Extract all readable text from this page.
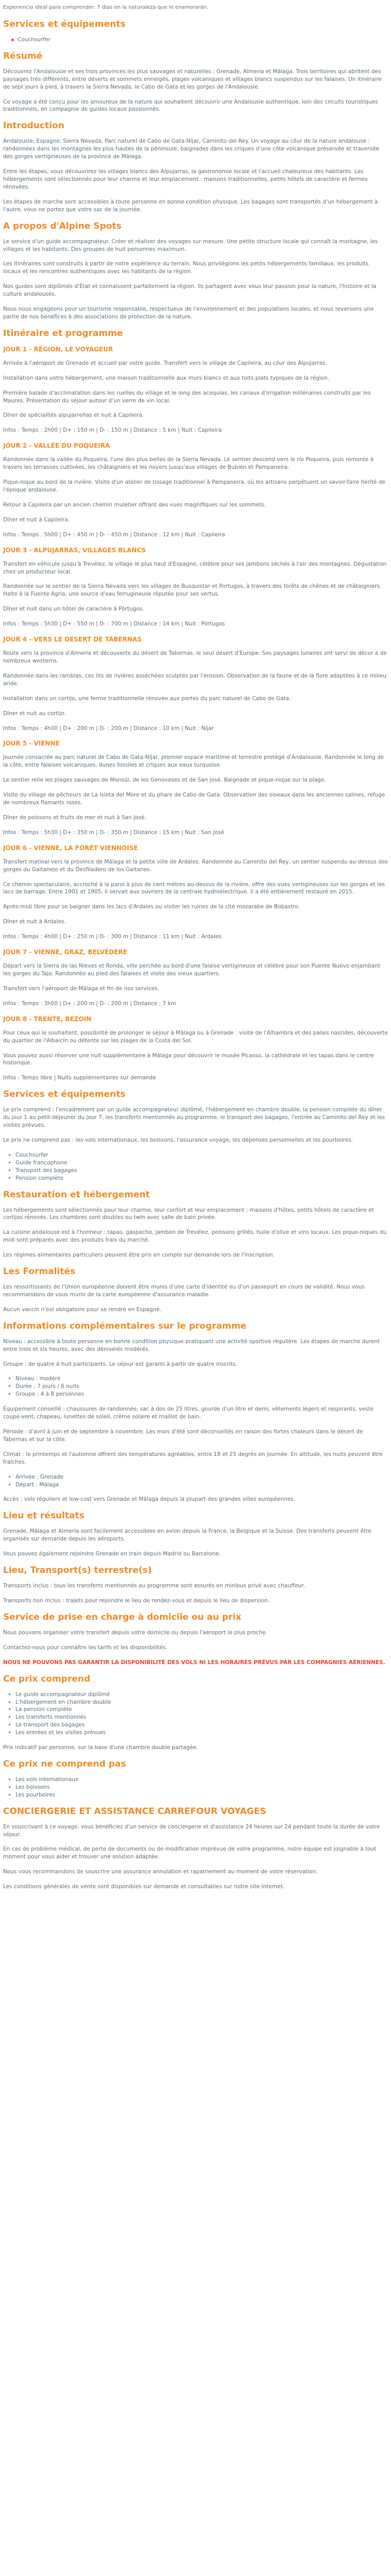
Experiencia ideal para comprender: 7 días en la naturaleza que le enamorarán.

Services et équipements
Couchsurfer
Résumé

Découvrez l'Andalousie et ses trois provinces les plus sauvages et naturelles : Grenade, Almería et Málaga. Trois territoires qui abritent des paysages très différents, entre déserts et sommets enneigés, plages volcaniques et villages blancs suspendus sur les falaises. Un itinéraire de sept jours à pied, à travers la Sierra Nevada, le Cabo de Gata et les gorges de l'Andalousie.

Ce voyage a été conçu pour les amoureux de la nature qui souhaitent découvrir une Andalousie authentique, loin des circuits touristiques traditionnels, en compagnie de guides locaux passionnés.

Introduction

Andalousie, Espagne, Sierra Nevada, Parc naturel de Cabo de Gata-Níjar, Caminito del Rey. Un voyage au cõur de la nature andalouse : randonnées dans les montagnes les plus hautes de la péninsule, baignades dans les criques d'une côte volcanique préservée et traversée des gorges vertigineuses de la province de Málaga.

Entre les étapes, vous découvrirez les villages blancs des Alpujarras, la gastronomie locale et l'accueil chaleureux des habitants. Les hébergements sont sélectionnés pour leur charme et leur emplacement : maisons traditionnelles, petits hôtels de caractère et fermes rénovées.

Les étapes de marche sont accessibles à toute personne en bonne condition physique. Les bagages sont transportés d'un hébergement à l'autre, vous ne portez que votre sac de la journée.

A propos d'Alpine Spots

Le service d'un guide accompagnateur. Créer et réaliser des voyages sur mesure. Une petite structure locale qui connaît la montagne, les villages et les habitants. Des groupes de huit personnes maximum.

Les itinéraires sont construits à partir de notre expérience du terrain. Nous privilégions les petits hébergements familiaux, les produits locaux et les rencontres authentiques avec les habitants de la région.

Nos guides sont diplômés d'État et connaissent parfaitement la région. Ils partagent avec vous leur passion pour la nature, l'histoire et la culture andalouses.

Nous nous engageons pour un tourisme responsable, respectueux de l'environnement et des populations locales, et nous reversons une partie de nos bénéfices à des associations de protection de la nature.

Itinéraire et programme
JOUR 1 - RÉGION, LE VOYAGEUR

Arrivée à l'aéroport de Grenade et accueil par votre guide. Transfert vers le village de Capileira, au cõur des Alpujarras.

Installation dans votre hébergement, une maison traditionnelle aux murs blancs et aux toits plats typiques de la région.

Première balade d'acclimatation dans les ruelles du village et le long des acequias, les canaux d'irrigation millénaires construits par les Maures. Présentation du séjour autour d'un verre de vin local.

Dîner de spécialités alpujarreñas et nuit à Capileira.

Infos : Temps : 2h00 | D+ : 150 m | D- : 150 m | Distance : 5 km | Nuit : Capileira

JOUR 2 - VALLÉE DU POQUEIRA

Randonnée dans la vallée du Poqueira, l'une des plus belles de la Sierra Nevada. Le sentier descend vers le río Poqueira, puis remonte à travers les terrasses cultivées, les châtaigniers et les noyers jusqu'aux villages de Bubión et Pampaneira.

Pique-nique au bord de la rivière. Visite d'un atelier de tissage traditionnel à Pampaneira, où les artisans perpétuent un savoir-faire hérité de l'époque andalouse.

Retour à Capileira par un ancien chemin muletier offrant des vues magnifiques sur les sommets.

Dîner et nuit à Capileira.

Infos : Temps : 5h00 | D+ : 450 m | D- : 450 m | Distance : 12 km | Nuit : Capileira

JOUR 3 - ALPUJARRAS, VILLAGES BLANCS

Transfert en véhicule jusqu'à Trevélez, le village le plus haut d'Espagne, célèbre pour ses jambons séchés à l'air des montagnes. Dégustation chez un producteur local.

Randonnée sur le sentier de la Sierra Nevada vers les villages de Busquistar et Portugos, à travers des forêts de chênes et de châtaigniers. Halte à la Fuente Agria, une source d'eau ferrugineuse réputée pour ses vertus.

Dîner et nuit dans un hôtel de caractère à Pórtugos.

Infos : Temps : 5h30 | D+ : 550 m | D- : 700 m | Distance : 14 km | Nuit : Pórtugos

JOUR 4 - VERS LE DÉSERT DE TABERNAS

Route vers la province d'Almería et découverte du désert de Tabernas, le seul désert d'Europe. Ses paysages lunaires ont servi de décor à de nombreux westerns.

Randonnée dans les ramblas, ces lits de rivières asséchées sculptés par l'érosion. Observation de la faune et de la flore adaptées à ce milieu aride.

Installation dans un cortijo, une ferme traditionnelle rénovée aux portes du parc naturel de Cabo de Gata.

Dîner et nuit au cortijo.

Infos : Temps : 4h00 | D+ : 200 m | D- : 200 m | Distance : 10 km | Nuit : Níjar

JOUR 5 - VIENNE

Journée consacrée au parc naturel de Cabo de Gata-Níjar, premier espace maritime et terrestre protégé d'Andalousie. Randonnée le long de la côte, entre falaises volcaniques, dunes fossiles et criques aux eaux turquoise.

Le sentier relie les plages sauvages de Monsúl, de los Genoveses et de San José. Baignade et pique-nique sur la plage.

Visite du village de pêcheurs de La Isleta del Moro et du phare de Cabo de Gata. Observation des oiseaux dans les anciennes salines, refuge de nombreux flamants roses.

Dîner de poissons et fruits de mer et nuit à San José.

Infos : Temps : 5h30 | D+ : 350 m | D- : 350 m | Distance : 15 km | Nuit : San José

JOUR 6 - VIENNE, LA FORÊT VIENNOISE

Transfert matinal vers la province de Málaga et la petite ville de Ardales. Randonnée au Caminito del Rey, un sentier suspendu au-dessus des gorges du Gaitanejo et du Desfiladero de los Gaitanes.

Ce chemin spectaculaire, accroché à la paroi à plus de cent mètres au-dessus de la rivière, offre des vues vertigineuses sur les gorges et les lacs de barrage. Entre 1901 et 1905, il servait aux ouvriers de la centrale hydroélectrique. Il a été entièrement restauré en 2015.

Après-midi libre pour se baigner dans les lacs d'Ardales ou visiter les ruines de la cité mozarabe de Bobastro.

Dîner et nuit à Ardales.

Infos : Temps : 4h00 | D+ : 250 m | D- : 300 m | Distance : 11 km | Nuit : Ardales

JOUR 7 - VIENNE, GRAZ, BELVÉDÈRE

Départ vers la Sierra de las Nieves et Ronda, ville perchée au bord d'une falaise vertigineuse et célèbre pour son Puente Nuevo enjambant les gorges du Tajo. Randonnée au pied des falaises et visite des vieux quartiers.

Transfert vers l'aéroport de Málaga et fin de nos services.

Infos : Temps : 3h00 | D+ : 200 m | D- : 200 m | Distance : 7 km

JOUR 8 - TRENTE, BÉZOIN

Pour ceux qui le souhaitent, possibilité de prolonger le séjour à Málaga ou à Grenade : visite de l'Alhambra et des palais nasrides, découverte du quartier de l'Albaicín ou détente sur les plages de la Costa del Sol.

Vous pouvez aussi réserver une nuit supplémentaire à Málaga pour découvrir le musée Picasso, la cathédrale et les tapas dans le centre historique.

Infos : Temps libre | Nuits supplémentaires sur demande

Services et équipements

Le prix comprend : l'encadrement par un guide accompagnateur diplômé, l'hébergement en chambre double, la pension complète du dîner du jour 1 au petit-déjeuner du jour 7, les transferts mentionnés au programme, le transport des bagages, l'entrée au Caminito del Rey et les visites prévues.

Le prix ne comprend pas : les vols internationaux, les boissons, l'assurance voyage, les dépenses personnelles et les pourboires.

• Couchsurfer
• Guide francophone
• Transport des bagages
• Pension complète
Restauration et hébergement

Les hébergements sont sélectionnés pour leur charme, leur confort et leur emplacement : maisons d'hôtes, petits hôtels de caractère et cortijos rénovés. Les chambres sont doubles ou twin avec salle de bain privée.

La cuisine andalouse est à l'honneur : tapas, gaspacho, jambon de Trevélez, poissons grillés, huile d'olive et vins locaux. Les pique-niques du midi sont préparés avec des produits frais du marché.

Les régimes alimentaires particuliers peuvent être pris en compte sur demande lors de l'inscription.

Les Formalités

Les ressortissants de l'Union européenne doivent être munis d'une carte d'identité ou d'un passeport en cours de validité. Nous vous recommandons de vous munir de la carte européenne d'assurance maladie.

Aucun vaccin n'est obligatoire pour se rendre en Espagne.

Informations complémentaires sur le programme

Niveau : accessible à toute personne en bonne condition physique pratiquant une activité sportive régulière. Les étapes de marche durent entre trois et six heures, avec des dénivelés modérés.

Groupe : de quatre à huit participants. Le séjour est garanti à partir de quatre inscrits.

• Niveau : modéré
• Durée : 7 jours / 6 nuits
• Groupe : 4 à 8 personnes

Équipement conseillé : chaussures de randonnée, sac à dos de 25 litres, gourde d'un litre et demi, vêtements légers et respirants, veste coupe-vent, chapeau, lunettes de soleil, crème solaire et maillot de bain.

Période : d'avril à juin et de septembre à novembre. Les mois d'été sont déconseillés en raison des fortes chaleurs dans le désert de Tabernas et sur la côte.

Climat : le printemps et l'automne offrent des températures agréables, entre 18 et 25 degrés en journée. En altitude, les nuits peuvent être fraîches.

• Arrivée : Grenade
• Départ : Málaga

Accès : vols réguliers et low-cost vers Grenade et Málaga depuis la plupart des grandes villes européennes.

Lieu et résultats

Grenade, Málaga et Almería sont facilement accessibles en avion depuis la France, la Belgique et la Suisse. Des transferts peuvent être organisés sur demande depuis les aéroports.

Vous pouvez également rejoindre Grenade en train depuis Madrid ou Barcelone.

Lieu, Transport(s) terrestre(s)

Transports inclus : tous les transferts mentionnés au programme sont assurés en minibus privé avec chauffeur.

Transports non inclus : trajets pour rejoindre le lieu de rendez-vous et depuis le lieu de dispersion.

Service de prise en charge à domicile ou au prix

Nous pouvons organiser votre transfert depuis votre domicile ou depuis l'aéroport le plus proche.

Contactez-nous pour connaître les tarifs et les disponibilités.

NOUS NE POUVONS PAS GARANTIR LA DISPONIBILITÉ DES VOLS NI LES HORAIRES PRÉVUS PAR LES COMPAGNIES AÉRIENNES.

Ce prix comprend
• Le guide accompagnateur diplômé
• L'hébergement en chambre double
• La pension complète
• Les transferts mentionnés
• Le transport des bagages
• Les entrées et les visites prévues

Prix indicatif par personne, sur la base d'une chambre double partagée.

Ce prix ne comprend pas
• Les vols internationaux
• Les boissons
• Les pourboires
CONCIERGERIE ET ASSISTANCE CARREFOUR VOYAGES

En souscrivant à ce voyage, vous bénéficiez d'un service de conciergerie et d'assistance 24 heures sur 24 pendant toute la durée de votre séjour.

En cas de problème médical, de perte de documents ou de modification imprévue de votre programme, notre équipe est joignable à tout moment pour vous aider et trouver une solution adaptée.

Nous vous recommandons de souscrire une assurance annulation et rapatriement au moment de votre réservation.

Les conditions générales de vente sont disponibles sur demande et consultables sur notre site internet.
